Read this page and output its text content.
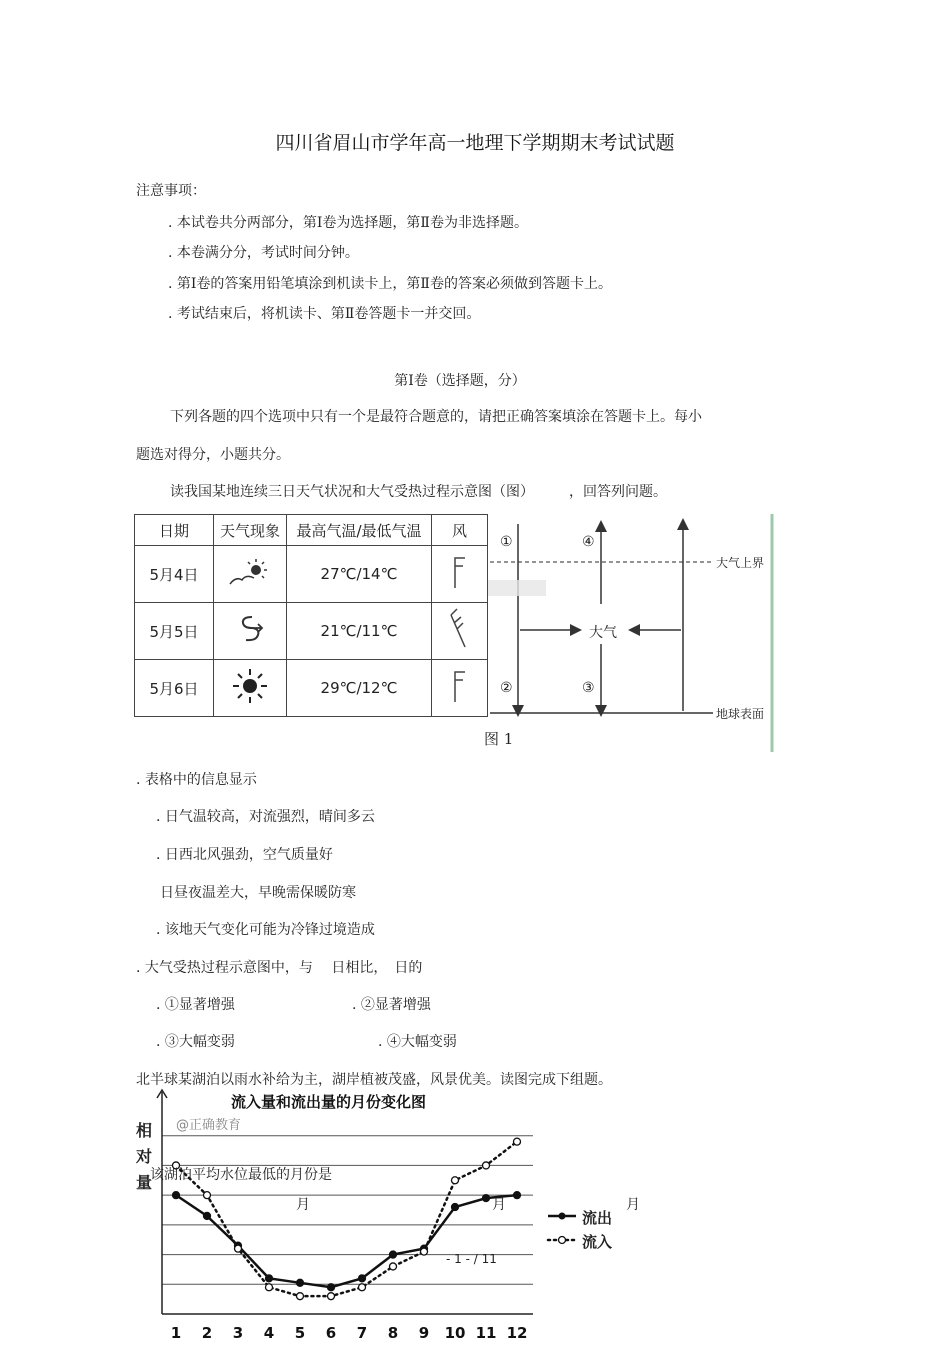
四川省眉山市学年高一地理下学期期末考试试题
注意事项：
. 本试卷共分两部分，第Ⅰ卷为选择题，第Ⅱ卷为非选择题。
. 本卷满分分，考试时间分钟。
. 第Ⅰ卷的答案用铅笔填涂到机读卡上，第Ⅱ卷的答案必须做到答题卡上。
. 考试结束后，将机读卡、第Ⅱ卷答题卡一并交回。
第Ⅰ卷（选择题，分）
下列各题的四个选项中只有一个是最符合题意的，请把正确答案填涂在答题卡上。每小
题选对得分，小题共分。
读我国某地连续三日天气状况和大气受热过程示意图（图）　　　，回答列问题。
日期	天气现象	最高气温/最低气温	风
5月4日		27℃/14℃	
5月5日		21℃/11℃	
5月6日		29℃/12℃	
①	④
②	③
大气
大气上界
地球表面
图 1
. 表格中的信息显示
. 日气温较高，对流强烈，晴间多云
. 日西北风强劲，空气质量好
日昼夜温差大，早晚需保暖防寒
. 该地天气变化可能为冷锋过境造成
. 大气受热过程示意图中，与　 日相比，　日的
. ①显著增强	. ②显著增强
. ③大幅变弱	. ④大幅变弱
北半球某湖泊以雨水补给为主，湖岸植被茂盛，风景优美。读图完成下组题。
1 2 3 4 5 6 7 8 9 10 11 12
流入量和流出量的月份变化图
@正确教育
相对量
流出
流入
该湖泊平均水位最低的月份是
月	月	月
- 1 - / 11
